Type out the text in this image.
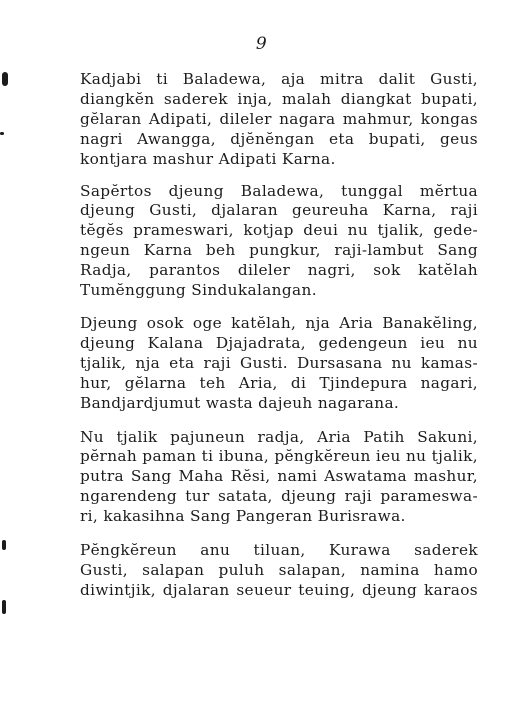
9
Kadjabi ti Baladewa, aja mitra dalit Gusti,
diangkĕn saderek inja, malah diangkat bupati,
gĕlaran Adipati, dileler nagara mahmur, kongas
nagri Awangga, djĕnĕngan eta bupati, geus
kontjara mashur Adipati Karna.
Sapĕrtos djeung Baladewa, tunggal mĕrtua
djeung Gusti, djalaran geureuha Karna, raji
tĕgĕs prameswari, kotjap deui nu tjalik, gede-
ngeun Karna beh pungkur, raji-lambut Sang
Radja, parantos dileler nagri, sok katĕlah
Tumĕnggung Sindukalangan.
Djeung osok oge katĕlah, nja Aria Banakĕling,
djeung Kalana Djajadrata, gedengeun ieu nu
tjalik, nja eta raji Gusti. Dursasana nu kamas-
hur, gĕlarna teh Aria, di Tjindepura nagari,
Bandjardjumut wasta dajeuh nagarana.
Nu tjalik pajuneun radja, Aria Patih Sakuni,
pĕrnah paman ti ibuna, pĕngkĕreun ieu nu tjalik,
putra Sang Maha Rĕsi, nami Aswatama mashur,
ngarendeng tur satata, djeung raji parameswa-
ri, kakasihna Sang Pangeran Burisrawa.
Pĕngkĕreun anu tiluan, Kurawa saderek
Gusti, salapan puluh salapan, namina hamo
diwintjik, djalaran seueur teuing, djeung karaos
